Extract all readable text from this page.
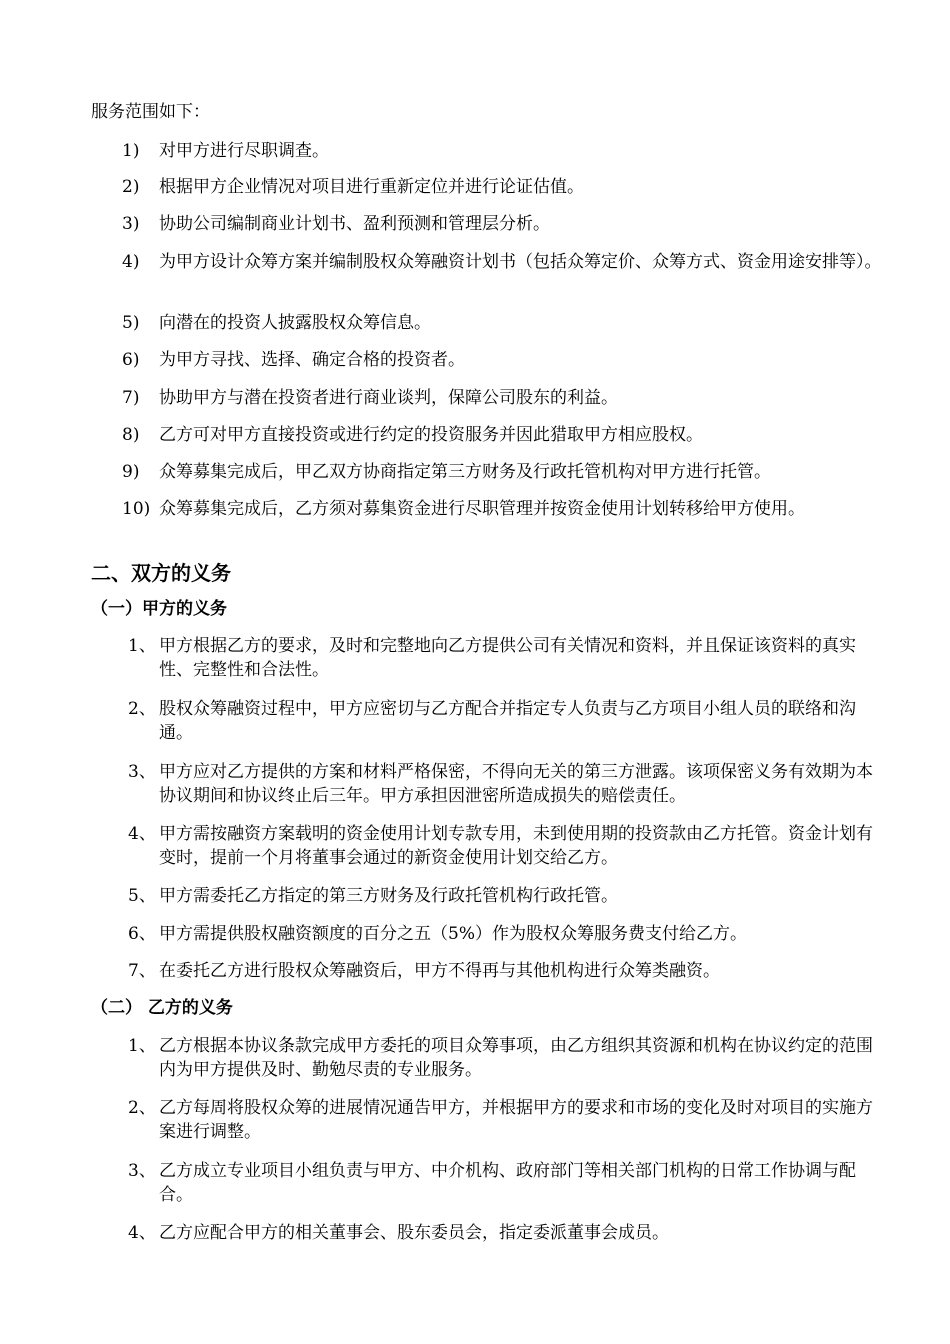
服务范围如下：
1)	对甲方进行尽职调查。
2)	根据甲方企业情况对项目进行重新定位并进行论证估值。
3)	协助公司编制商业计划书、盈利预测和管理层分析。
4)	为甲方设计众筹方案并编制股权众筹融资计划书（包括众筹定价、众筹方式、资金用途安排等）。
5)	向潜在的投资人披露股权众筹信息。
6)	为甲方寻找、选择、确定合格的投资者。
7)	协助甲方与潜在投资者进行商业谈判，保障公司股东的利益。
8)	乙方可对甲方直接投资或进行约定的投资服务并因此猎取甲方相应股权。
9)	众筹募集完成后，甲乙双方协商指定第三方财务及行政托管机构对甲方进行托管。
10) 众筹募集完成后，乙方须对募集资金进行尽职管理并按资金使用计划转移给甲方使用。
二、双方的义务
（一）甲方的义务
1、 甲方根据乙方的要求，及时和完整地向乙方提供公司有关情况和资料，并且保证该资料的真实性、完整性和合法性。
2、 股权众筹融资过程中，甲方应密切与乙方配合并指定专人负责与乙方项目小组人员的联络和沟通。
3、 甲方应对乙方提供的方案和材料严格保密，不得向无关的第三方泄露。该项保密义务有效期为本协议期间和协议终止后三年。甲方承担因泄密所造成损失的赔偿责任。
4、 甲方需按融资方案载明的资金使用计划专款专用，未到使用期的投资款由乙方托管。资金计划有变时，提前一个月将董事会通过的新资金使用计划交给乙方。
5、 甲方需委托乙方指定的第三方财务及行政托管机构行政托管。
6、 甲方需提供股权融资额度的百分之五（5%）作为股权众筹服务费支付给乙方。
7、 在委托乙方进行股权众筹融资后，甲方不得再与其他机构进行众筹类融资。
（二） 乙方的义务
1、 乙方根据本协议条款完成甲方委托的项目众筹事项，由乙方组织其资源和机构在协议约定的范围内为甲方提供及时、勤勉尽责的专业服务。
2、 乙方每周将股权众筹的进展情况通告甲方，并根据甲方的要求和市场的变化及时对项目的实施方案进行调整。
3、 乙方成立专业项目小组负责与甲方、中介机构、政府部门等相关部门机构的日常工作协调与配合。
4、 乙方应配合甲方的相关董事会、股东委员会，指定委派董事会成员。
